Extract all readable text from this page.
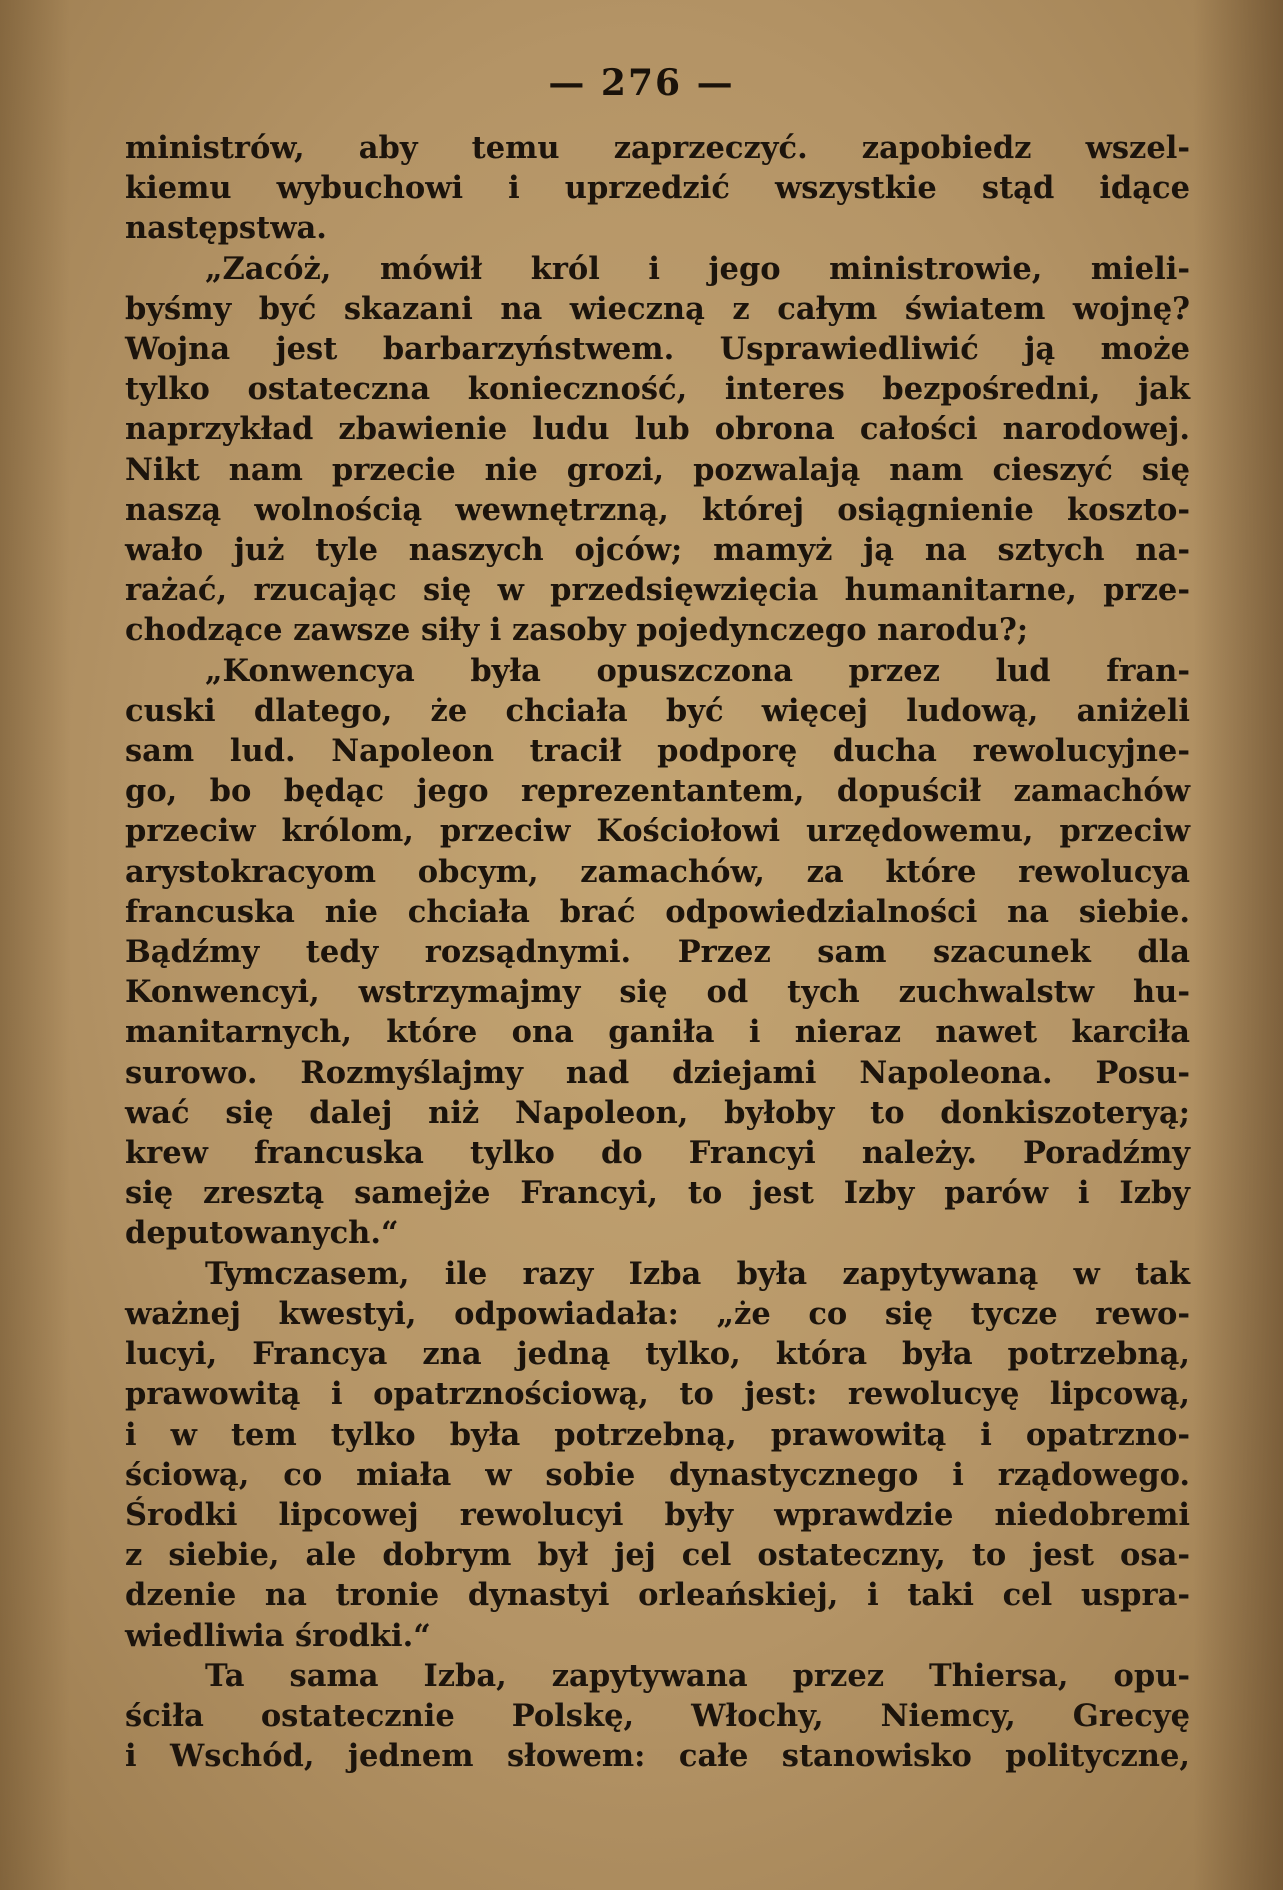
— 276 —
ministrów, aby temu zaprzeczyć. zapobiedz wszel-
kiemu wybuchowi i uprzedzić wszystkie stąd idące
następstwa.
„Zacóż, mówił król i jego ministrowie, mieli-
byśmy być skazani na wieczną z całym światem wojnę?
Wojna jest barbarzyństwem. Usprawiedliwić ją może
tylko ostateczna konieczność, interes bezpośredni, jak
naprzykład zbawienie ludu lub obrona całości narodowej.
Nikt nam przecie nie grozi, pozwalają nam cieszyć się
naszą wolnością wewnętrzną, której osiągnienie koszto-
wało już tyle naszych ojców; mamyż ją na sztych na-
rażać, rzucając się w przedsięwzięcia humanitarne, prze-
chodzące zawsze siły i zasoby pojedynczego narodu?;
„Konwencya była opuszczona przez lud fran-
cuski dlatego, że chciała być więcej ludową, aniżeli
sam lud. Napoleon tracił podporę ducha rewolucyjne-
go, bo będąc jego reprezentantem, dopuścił zamachów
przeciw królom, przeciw Kościołowi urzędowemu, przeciw
arystokracyom obcym, zamachów, za które rewolucya
francuska nie chciała brać odpowiedzialności na siebie.
Bądźmy tedy rozsądnymi. Przez sam szacunek dla
Konwencyi, wstrzymajmy się od tych zuchwalstw hu-
manitarnych, które ona ganiła i nieraz nawet karciła
surowo. Rozmyślajmy nad dziejami Napoleona. Posu-
wać się dalej niż Napoleon, byłoby to donkiszoteryą;
krew francuska tylko do Francyi należy. Poradźmy
się zresztą samejże Francyi, to jest Izby parów i Izby
deputowanych.“
Tymczasem, ile razy Izba była zapytywaną w tak
ważnej kwestyi, odpowiadała: „że co się tycze rewo-
lucyi, Francya zna jedną tylko, która była potrzebną,
prawowitą i opatrznościową, to jest: rewolucyę lipcową,
i w tem tylko była potrzebną, prawowitą i opatrzno-
ściową, co miała w sobie dynastycznego i rządowego.
Środki lipcowej rewolucyi były wprawdzie niedobremi
z siebie, ale dobrym był jej cel ostateczny, to jest osa-
dzenie na tronie dynastyi orleańskiej, i taki cel uspra-
wiedliwia środki.“
Ta sama Izba, zapytywana przez Thiersa, opu-
ściła ostatecznie Polskę, Włochy, Niemcy, Grecyę
i Wschód, jednem słowem: całe stanowisko polityczne,
